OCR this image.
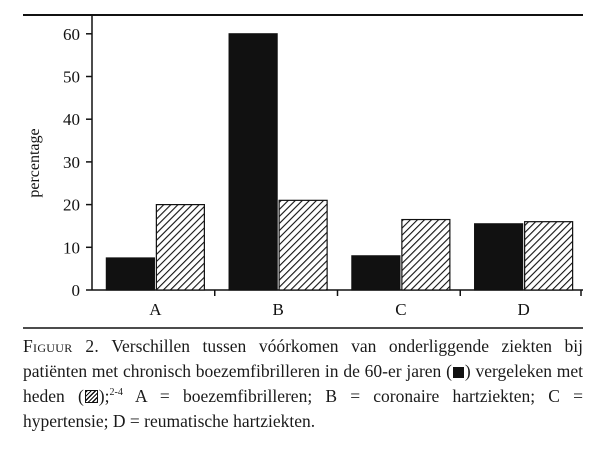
0
10
20
30
40
50
60
percentage
A	B	C	D
Figuur 2. Verschillen tussen vóórkomen van onderliggende ziekten bij patiënten met chronisch boezemfibrilleren in de 60-er jaren ( ) vergeleken met heden ( );$^{2-4}$ A = boezemfibrilleren; B = coronaire hartziekten; C = hypertensie; D = reumatische hartziekten.
